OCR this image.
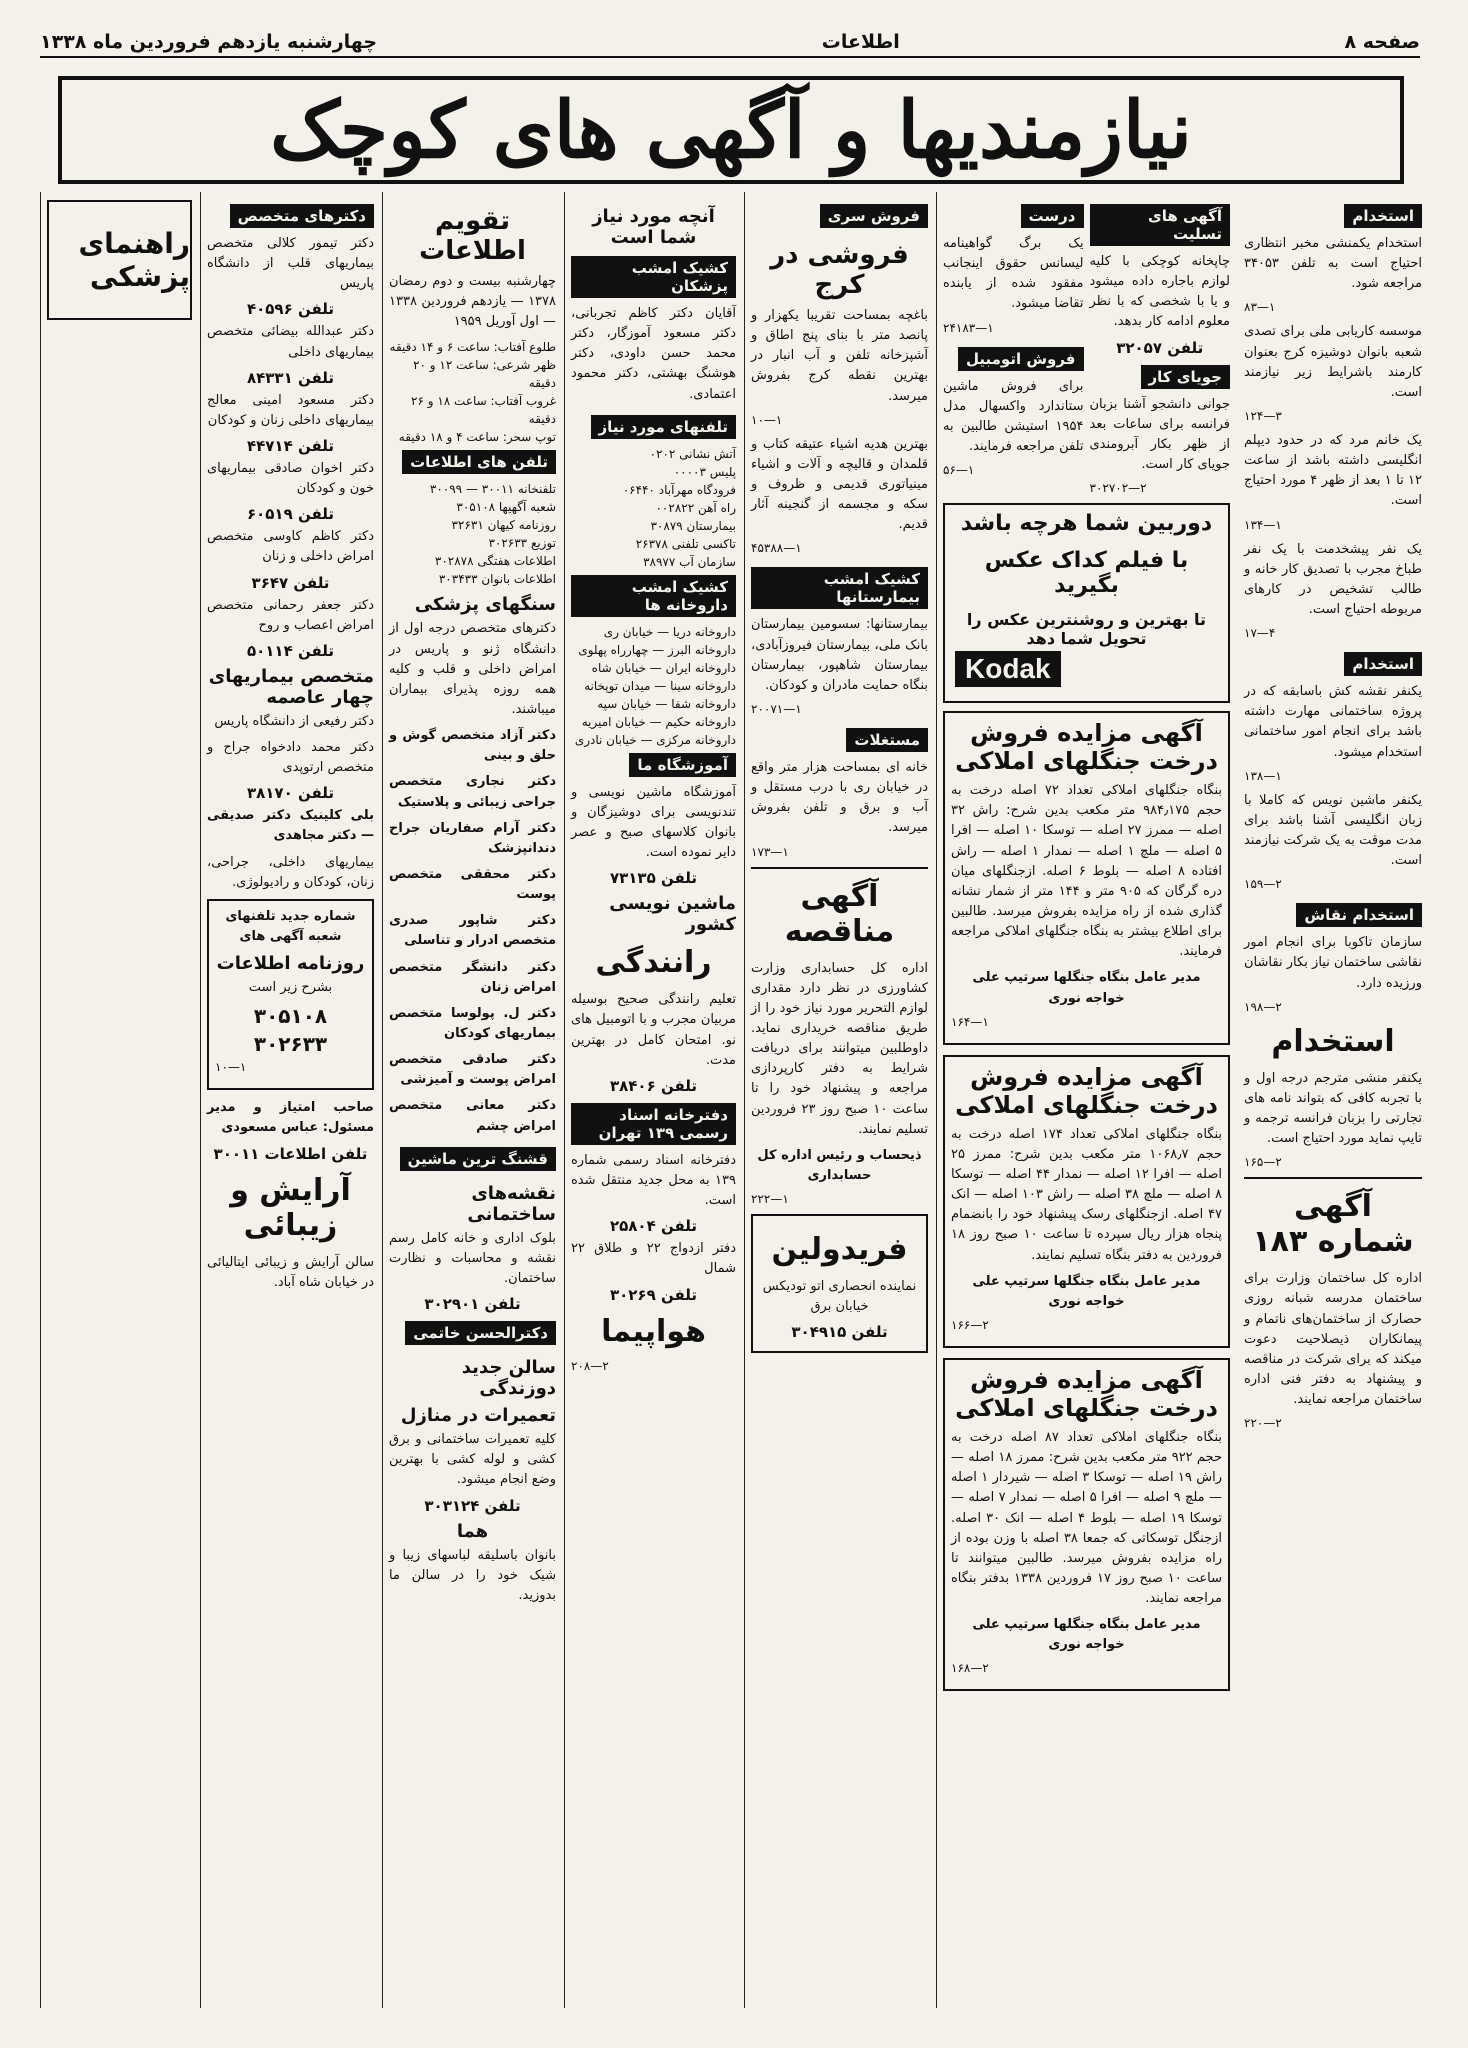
صفحه ۸
اطلاعات
چهارشنبه یازدهم فروردین ماه ۱۳۳۸
نیازمندیها و آگهی های کوچک
استخدام
استخدام یکمنشی مخبر انتظاری احتیاج است به تلفن ۳۴۰۵۳ مراجعه شود.
۸۳—۱
موسسه کاریابی ملی برای تصدی شعبه بانوان دوشیزه کرج بعنوان کارمند باشرایط زیر نیازمند است.
۱۲۴—۳
یک خانم مرد که در حدود دیپلم انگلیسی داشته باشد از ساعت ۱۲ تا ۱ بعد از ظهر ۴ مورد احتیاج است.
۱۳۴—۱
یک نفر پیشخدمت با یک نفر طباخ مجرب با تصدیق کار خانه و طالب تشخیص در کارهای مربوطه احتیاج است.
۱۷—۴
استخدام
یکنفر نقشه کش باسابقه که در پروژه ساختمانی مهارت داشته باشد برای انجام امور ساختمانی استخدام میشود.
۱۳۸—۱
یکنفر ماشین نویس که کاملا با زبان انگلیسی آشنا باشد برای مدت موقت به یک شرکت نیازمند است.
۱۵۹—۲
استخدام نقاش
سازمان تاکوبا برای انجام امور نقاشی ساختمان نیاز بکار نقاشان ورزیده دارد.
۱۹۸—۲
استخدام
یکنفر منشی مترجم درجه اول و با تجربه کافی که بتواند نامه های تجارتی را بزبان فرانسه ترجمه و تایپ نماید مورد احتیاج است.
۱۶۵—۲
آگهی شماره ۱۸۳
اداره کل ساختمان وزارت برای ساختمان مدرسه شبانه روزی حصارک از ساختمان‌های ناتمام و پیمانکاران ذیصلاحیت دعوت میکند که برای شرکت در مناقصه و پیشنهاد به دفتر فنی اداره ساختمان مراجعه نمایند.
۲۲۰—۲
آگهی های تسلیت
چاپخانه کوچکی با کلیه لوازم باجاره داده میشود و یا با شخصی که با نظر معلوم ادامه کار بدهد.
تلفن ۳۲۰۵۷
جویای کار
جوانی دانشجو آشنا بزبان فرانسه برای ساعات بعد از ظهر بکار آبرومندی جویای کار است.
۳۰۲۷۰۲—۲
درست
یک برگ گواهینامه لیسانس حقوق اینجانب مفقود شده از یابنده تقاضا میشود.
۲۴۱۸۳—۱
فروش اتومبیل
برای فروش ماشین ستاندارد واکسهال مدل ۱۹۵۴ استیشن طالبین به تلفن مراجعه فرمایند.
۵۶—۱
دوربین شما هرچه باشد
با فیلم کداک عکس بگیرید
تا بهترین و روشنترین عکس را تحویل شما دهد
Kodak
آگهی مزایده فروش درخت جنگلهای املاکی
بنگاه جنگلهای املاکی تعداد ۷۲ اصله درخت به حجم ۹۸۴٫۱۷۵ متر مکعب بدین شرح: راش ۳۲ اصله — ممرز ۲۷ اصله — توسکا ۱۰ اصله — افرا ۵ اصله — ملچ ۱ اصله — نمدار ۱ اصله — راش افتاده ۸ اصله — بلوط ۶ اصله. ازجنگلهای میان دره گرگان که ۹۰۵ متر و ۱۴۴ متر از شمار نشانه گذاری شده از راه مزایده بفروش میرسد. طالبین برای اطلاع بیشتر به بنگاه جنگلهای املاکی مراجعه فرمایند.
مدیر عامل بنگاه جنگلها سرتیپ علی خواجه نوری
۱۶۴—۱
آگهی مزایده فروش درخت جنگلهای املاکی
بنگاه جنگلهای املاکی تعداد ۱۷۴ اصله درخت به حجم ۱۰۶۸٫۷ متر مکعب بدین شرح: ممرز ۲۵ اصله — افرا ۱۲ اصله — نمدار ۴۴ اصله — توسکا ۸ اصله — ملچ ۳۸ اصله — راش ۱۰۳ اصله — انک ۴۷ اصله. ازجنگلهای رسک پیشنهاد خود را بانضمام پنجاه هزار ریال سپرده تا ساعت ۱۰ صبح روز ۱۸ فروردین به دفتر بنگاه تسلیم نمایند.
مدیر عامل بنگاه جنگلها سرتیپ علی خواجه نوری
۱۶۶—۲
آگهی مزایده فروش درخت جنگلهای املاکی
بنگاه جنگلهای املاکی تعداد ۸۷ اصله درخت به حجم ۹۲۲ متر مکعب بدین شرح: ممرز ۱۸ اصله — راش ۱۹ اصله — توسکا ۳ اصله — شیردار ۱ اصله — ملچ ۹ اصله — افرا ۵ اصله — نمدار ۷ اصله — توسکا ۱۹ اصله — بلوط ۴ اصله — انک ۳۰ اصله. ازجنگل توسکاتی که جمعا ۳۸ اصله با وزن بوده از راه مزایده بفروش میرسد. طالبین میتوانند تا ساعت ۱۰ صبح روز ۱۷ فروردین ۱۳۳۸ بدفتر بنگاه مراجعه نمایند.
مدیر عامل بنگاه جنگلها سرتیپ علی خواجه نوری
۱۶۸—۲
فروش سری
فروشی در کرج
باغچه بمساحت تقریبا یکهزار و پانصد متر با بنای پنج اطاق و آشپزخانه تلفن و آب انبار در بهترین نقطه کرج بفروش میرسد.
۱۰—۱
بهترین هدیه اشیاء عتیقه کتاب و قلمدان و قالیچه و آلات و اشیاء مینیاتوری قدیمی و ظروف و سکه و مجسمه از گنجینه آثار قدیم.
۴۵۳۸۸—۱
کشیک امشب بیمارستانها
بیمارستانها: سسومین بیمارستان بانک ملی، بیمارستان فیروزآبادی، بیمارستان شاهپور، بیمارستان بنگاه حمایت مادران و کودکان.
۲۰۰۷۱—۱
مستغلات
خانه ای بمساحت هزار متر واقع در خیابان ری با درب مستقل و آب و برق و تلفن بفروش میرسد.
۱۷۳—۱
آگهی مناقصه
اداره کل حسابداری وزارت کشاورزی در نظر دارد مقداری لوازم التحریر مورد نیاز خود را از طریق مناقصه خریداری نماید. داوطلبین میتوانند برای دریافت شرایط به دفتر کارپردازی مراجعه و پیشنهاد خود را تا ساعت ۱۰ صبح روز ۲۳ فروردین تسلیم نمایند.
ذیحساب و رئیس اداره کل حسابداری
۲۲۲—۱
فریدولین
نماینده انحصاری اتو تودیکس خیابان برق
تلفن ۳۰۴۹۱۵
آنچه مورد نیاز شما است
کشیک امشب پزشکان
آقایان دکتر کاظم تجربانی، دکتر مسعود آموزگار، دکتر محمد حسن داودی، دکتر هوشنگ بهشتی، دکتر محمود اعتمادی.
تلفنهای مورد نیاز
آتش نشانی ۰۲۰۲
پلیس ۰۰۰۰۳
فرودگاه مهرآباد ۰۶۴۴۰
راه آهن ۰۰۲۸۲۲
بیمارستان ۳۰۸۷۹
تاکسی تلفنی ۲۶۳۷۸
سازمان آب ۳۸۹۷۷
کشیک امشب داروخانه ها
داروخانه دریا — خیابان ری
داروخانه البرز — چهارراه پهلوی
داروخانه ایران — خیابان شاه
داروخانه سینا — میدان توپخانه
داروخانه شفا — خیابان سپه
داروخانه حکیم — خیابان امیریه
داروخانه مرکزی — خیابان نادری
آموزشگاه ما
آموزشگاه ماشین نویسی و تندنویسی برای دوشیزگان و بانوان کلاسهای صبح و عصر دایر نموده است.
تلفن ۷۳۱۳۵
ماشین نویسی کشور
رانندگی
تعلیم رانندگی صحیح بوسیله مربیان مجرب و با اتومبیل های نو. امتحان کامل در بهترین مدت.
تلفن ۳۸۴۰۶
دفترخانه اسناد رسمی ۱۳۹ تهران
دفترخانه اسناد رسمی شماره ۱۳۹ به محل جدید منتقل شده است.
تلفن ۲۵۸۰۴
دفتر ازدواج ۲۲ و طلاق ۲۲ شمال
تلفن ۳۰۲۶۹
هواپیما
۲۰۸—۲
تقویم اطلاعات
چهارشنبه بیست و دوم رمضان ۱۳۷۸ — یازدهم فروردین ۱۳۳۸ — اول آوریل ۱۹۵۹
طلوع آفتاب: ساعت ۶ و ۱۴ دقیقه
ظهر شرعی: ساعت ۱۲ و ۲۰ دقیقه
غروب آفتاب: ساعت ۱۸ و ۲۶ دقیقه
توپ سحر: ساعت ۴ و ۱۸ دقیقه
تلفن های اطلاعات
تلفنخانه ۳۰۰۱۱ — ۳۰۰۹۹
شعبه آگهیها ۳۰۵۱۰۸
روزنامه کیهان ۳۲۶۳۱
توزیع ۳۰۲۶۳۳
اطلاعات هفتگی ۳۰۲۸۷۸
اطلاعات بانوان ۳۰۳۴۳۳
سنگهای پزشکی
دکترهای متخصص درجه اول از دانشگاه ژنو و پاریس در امراض داخلی و قلب و کلیه همه روزه پذیرای بیماران میباشند.
دکتر آزاد متخصص گوش و حلق و بینی
دکتر نجاری متخصص جراحی زیبائی و پلاستیک
دکتر آرام صفاریان جراح دندانپزشک
دکتر محققی متخصص پوست
دکتر شاپور صدری متخصص ادرار و تناسلی
دکتر دانشگر متخصص امراض زنان
دکتر ل. پولوسا متخصص بیماریهای کودکان
دکتر صادقی متخصص امراض پوست و آمیزشی
دکتر معانی متخصص امراض چشم
قشنگ ترین ماشین
نقشه‌های ساختمانی
بلوک اداری و خانه کامل رسم نقشه و محاسبات و نظارت ساختمان.
تلفن ۳۰۲۹۰۱
دکترالحسن خاتمی
سالن جدید دوزندگی
تعمیرات در منازل
کلیه تعمیرات ساختمانی و برق کشی و لوله کشی با بهترین وضع انجام میشود.
تلفن ۳۰۳۱۲۴
هما
بانوان باسلیقه لباسهای زیبا و شیک خود را در سالن ما بدوزید.
دکترهای متخصص
دکتر تیمور کلالی متخصص بیماریهای قلب از دانشگاه پاریس
تلفن ۴۰۵۹۶
دکتر عبدالله بیضائی متخصص بیماریهای داخلی
تلفن ۸۴۳۳۱
دکتر مسعود امینی معالج بیماریهای داخلی زنان و کودکان
تلفن ۴۴۷۱۴
دکتر اخوان صادقی بیماریهای خون و کودکان
تلفن ۶۰۵۱۹
دکتر کاظم کاوسی متخصص امراض داخلی و زنان
تلفن ۳۶۴۷
دکتر جعفر رحمانی متخصص امراض اعصاب و روح
تلفن ۵۰۱۱۴
متخصص بیماریهای چهار عاصمه
دکتر رفیعی از دانشگاه پاریس
دکتر محمد دادخواه جراح و متخصص ارتوپدی
تلفن ۳۸۱۷۰
بلی کلینیک دکتر صدیقی — دکتر مجاهدی
بیماریهای داخلی، جراحی، زنان، کودکان و رادیولوژی.
شماره جدید تلفنهای شعبه آگهی های
روزنامه اطلاعات
بشرح زیر است
۳۰۵۱۰۸
۳۰۲۶۳۳
۱۰—۱
صاحب امتیاز و مدیر مسئول: عباس مسعودی
تلفن اطلاعات ۳۰۰۱۱
آرایش و زیبائی
سالن آرایش و زیبائی ایتالیائی در خیابان شاه آباد.
راهنمای پزشکی
